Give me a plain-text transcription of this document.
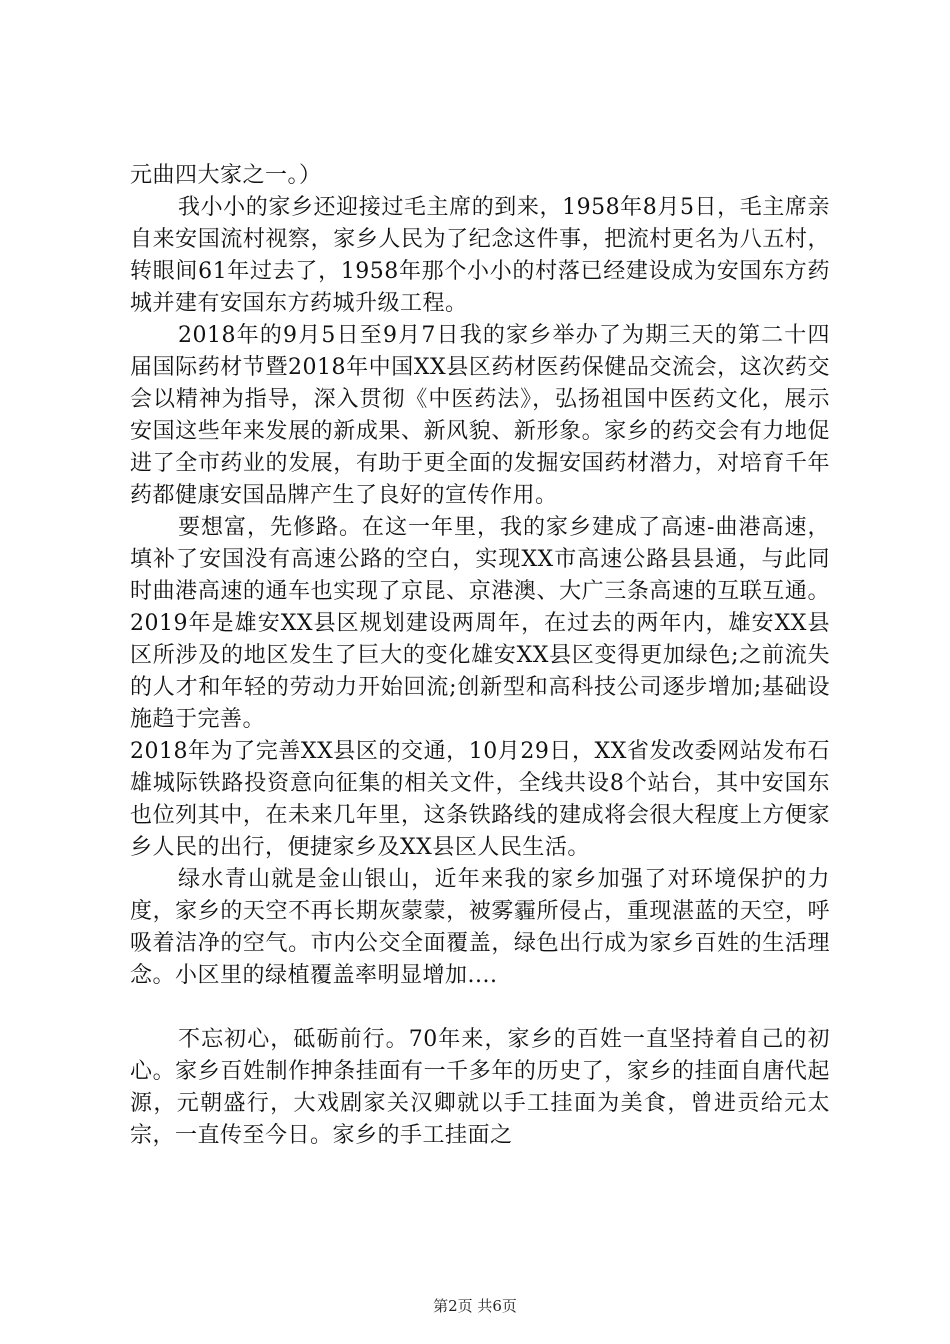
元曲四大家之一。）

我小小的家乡还迎接过毛主席的到来，1958年8月5日，毛主席亲自来安国流村视察，家乡人民为了纪念这件事，把流村更名为八五村，转眼间61年过去了，1958年那个小小的村落已经建设成为安国东方药城并建有安国东方药城升级工程。

2018年的9月5日至9月7日我的家乡举办了为期三天的第二十四届国际药材节暨2018年中国XX县区药材医药保健品交流会，这次药交会以精神为指导，深入贯彻《中医药法》，弘扬祖国中医药文化，展示安国这些年来发展的新成果、新风貌、新形象。家乡的药交会有力地促进了全市药业的发展，有助于更全面的发掘安国药材潜力，对培育千年药都健康安国品牌产生了良好的宣传作用。

要想富，先修路。在这一年里，我的家乡建成了高速-曲港高速，填补了安国没有高速公路的空白，实现XX市高速公路县县通，与此同时曲港高速的通车也实现了京昆、京港澳、大广三条高速的互联互通。2019年是雄安XX县区规划建设两周年，在过去的两年内，雄安XX县区所涉及的地区发生了巨大的变化雄安XX县区变得更加绿色;之前流失的人才和年轻的劳动力开始回流;创新型和高科技公司逐步增加;基础设施趋于完善。

2018年为了完善XX县区的交通，10月29日，XX省发改委网站发布石雄城际铁路投资意向征集的相关文件，全线共设8个站台，其中安国东也位列其中，在未来几年里，这条铁路线的建成将会很大程度上方便家乡人民的出行，便捷家乡及XX县区人民生活。

绿水青山就是金山银山，近年来我的家乡加强了对环境保护的力度，家乡的天空不再长期灰蒙蒙，被雾霾所侵占，重现湛蓝的天空，呼吸着洁净的空气。市内公交全面覆盖，绿色出行成为家乡百姓的生活理念。小区里的绿植覆盖率明显增加....

不忘初心，砥砺前行。70年来，家乡的百姓一直坚持着自己的初心。家乡百姓制作抻条挂面有一千多年的历史了，家乡的挂面自唐代起源，元朝盛行，大戏剧家关汉卿就以手工挂面为美食，曾进贡给元太宗，一直传至今日。家乡的手工挂面之

第2页 共6页
